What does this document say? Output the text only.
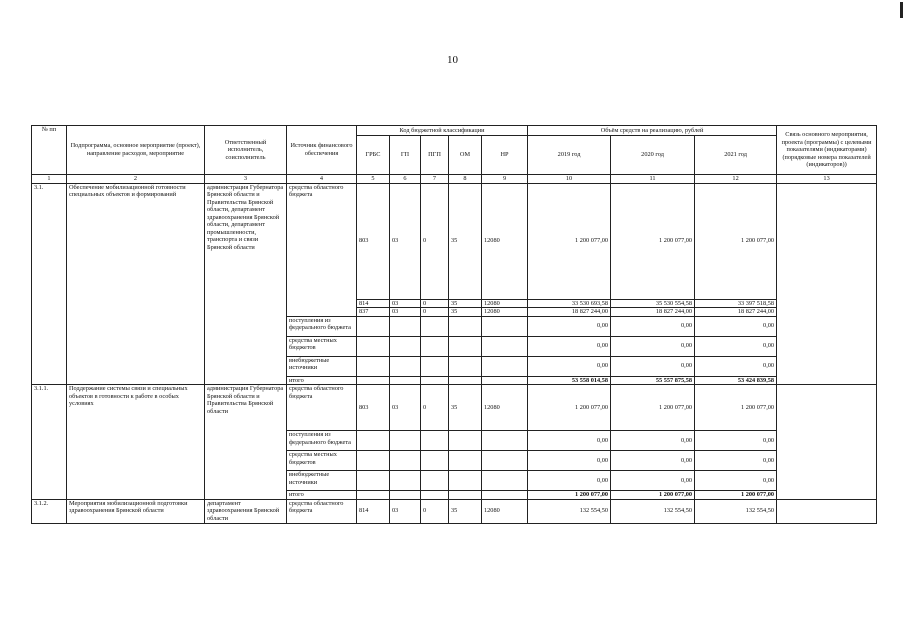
10
№ пп	Подпрограмма, основное мероприятие (проект), направление расходов, мероприятие	Ответственный исполнитель, соисполнитель	Источник финансового обеспечения	Код бюджетной классификации					Объём средств на реализацию, рублей			Связь основного мероприятия, проекта (программы) с целевыми показателями (индикаторами) (порядковые номера показателей (индикаторов))
				ГРБС	ГП	ПГП	ОМ	НР	2019 год	2020 год	2021 год	
1	2	3	4	5	6	7	8	9	10	11	12	13
3.1.	Обеспечение мобилизационной готовности специальных объектов и формирований	администрация Губернатора Брянской области и Правительства Брянской области, департамент здравоохранения Брянской области, департамент промышленности, транспорта и связи Брянской области	средства областного бюджета	803	03	0	35	12080	1 200 077,00	1 200 077,00	1 200 077,00	
				814	03	0	35	12080	33 530 693,58	35 530 554,58	33 397 518,58	
				837	03	0	35	12080	18 827 244,00	18 827 244,00	18 827 244,00	
			поступления из федерального бюджета						0,00	0,00	0,00	
			средства местных бюджетов						0,00	0,00	0,00	
			внебюджетные источники						0,00	0,00	0,00	
			итого						53 558 014,58	55 557 875,58	53 424 839,58	
3.1.1.	Поддержание системы связи и специальных объектов в готовности к работе в особых условиях	администрация Губернатора Брянской области и Правительства Брянской области	средства областного бюджета	803	03	0	35	12080	1 200 077,00	1 200 077,00	1 200 077,00	
			поступления из федерального бюджета						0,00	0,00	0,00	
			средства местных бюджетов						0,00	0,00	0,00	
			внебюджетные источники						0,00	0,00	0,00	
			итого						1 200 077,00	1 200 077,00	1 200 077,00	
3.1.2.	Мероприятия мобилизационной подготовки здравоохранения Брянской области	департамент здравоохранения Брянской области	средства областного бюджета	814	03	0	35	12080	132 554,50	132 554,50	132 554,50	
